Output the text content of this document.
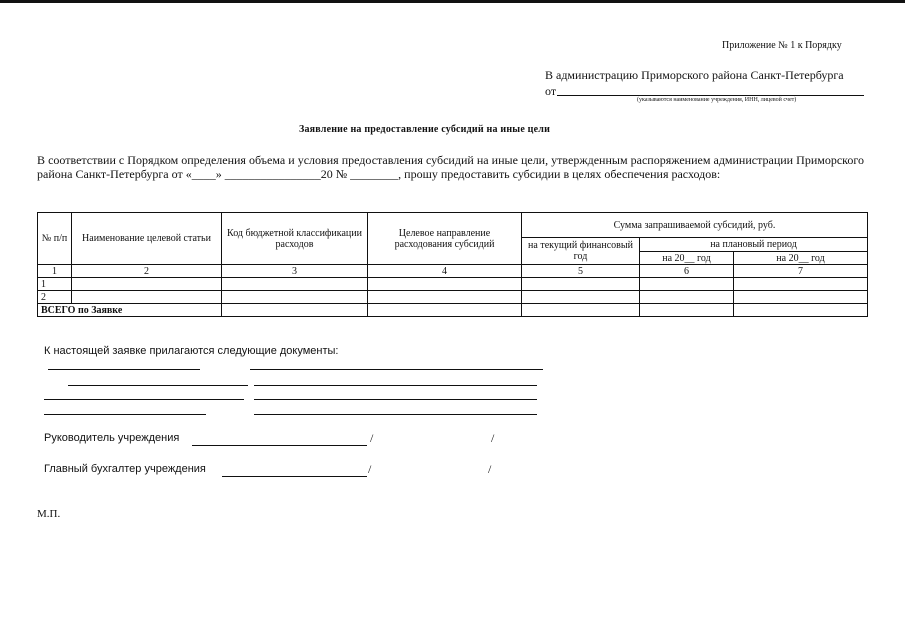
Приложение № 1 к Порядку
В администрацию Приморского района Санкт-Петербурга
от
(указываются наименование учреждения, ИНН, лицевой счет)
Заявление на предоставление субсидий на иные цели
В соответствии с Порядком определения объема и условия предоставления субсидий на иные цели, утвержденным распоряжением администрации Приморского района Санкт-Петербурга от «____» ________________20 № ________, прошу предоставить субсидии в целях обеспечения расходов:
№ п/п	Наименование целевой статьи	Код бюджетной классификации расходов	Целевое направление расходования субсидий	Сумма запрашиваемой субсидий, руб.		
				на текущий финансовый год	на плановый период	
					на 20__ год	на 20__ год
1	2	3	4	5	6	7
1						
2						
ВСЕГО по Заявке						
К настоящей заявке прилагаются следующие документы:
Руководитель учреждения	/	/
Главный бухгалтер учреждения	/	/
М.П.
